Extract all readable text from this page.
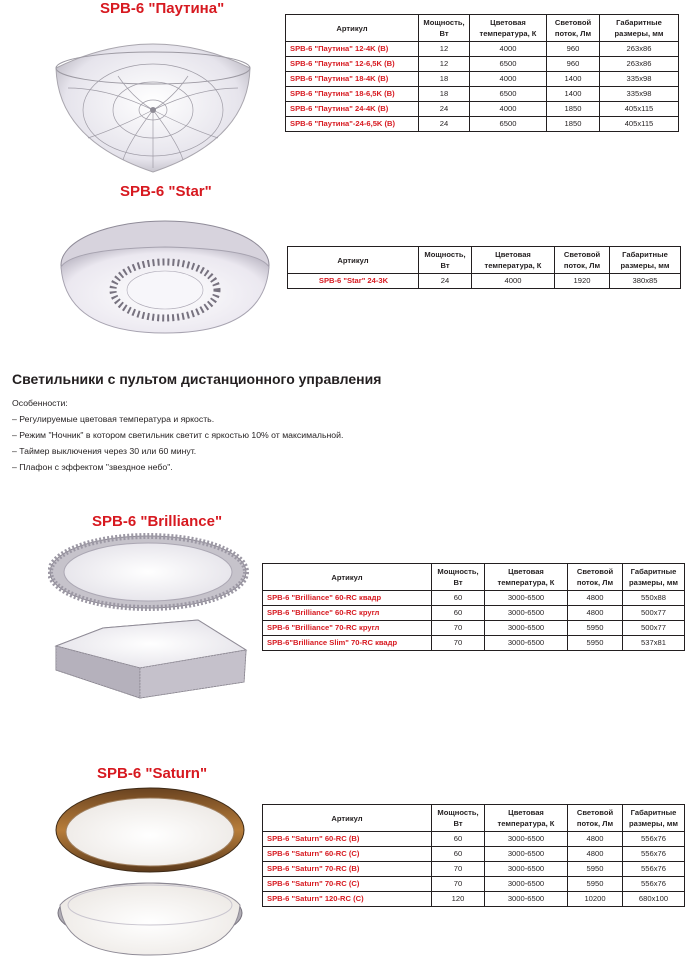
SPB-6 "Паутина"
Артикул	Мощность, Вт	Цветовая температура, К	Световой поток, Лм	Габаритные размеры, мм
SPB-6 "Паутина" 12-4K (B)	12	4000	960	263x86
SPB-6 "Паутина" 12-6,5K (B)	12	6500	960	263x86
SPB-6 "Паутина" 18-4K (B)	18	4000	1400	335x98
SPB-6 "Паутина" 18-6,5K (B)	18	6500	1400	335x98
SPB-6 "Паутина" 24-4K (B)	24	4000	1850	405x115
SPB-6 "Паутина"-24-6,5K (B)	24	6500	1850	405x115
SPB-6 "Star"
Артикул	Мощность, Вт	Цветовая температура, К	Световой поток, Лм	Габаритные размеры, мм
SPB-6 "Star" 24-3K	24	4000	1920	380x85
Светильники с пультом дистанционного управления
Особенности:
– Регулируемые цветовая температура и яркость.
– Режим "Ночник" в котором светильник светит с яркостью 10% от максимальной.
– Таймер выключения через 30 или 60 минут.
– Плафон с эффектом "звездное небо".
SPB-6 "Brilliance"
Артикул	Мощность, Вт	Цветовая температура, К	Световой поток, Лм	Габаритные размеры, мм
SPB-6 "Brilliance" 60-RC квадр	60	3000-6500	4800	550x88
SPB-6 "Brilliance" 60-RC кругл	60	3000-6500	4800	500x77
SPB-6 "Brilliance" 70-RC кругл	70	3000-6500	5950	500x77
SPB-6"Brilliance Slim" 70-RC квадр	70	3000-6500	5950	537x81
SPB-6 "Saturn"
Артикул	Мощность, Вт	Цветовая температура, К	Световой поток, Лм	Габаритные размеры, мм
SPB-6 "Saturn" 60-RC (B)	60	3000-6500	4800	556x76
SPB-6 "Saturn" 60-RC (C)	60	3000-6500	4800	556x76
SPB-6 "Saturn" 70-RC (B)	70	3000-6500	5950	556x76
SPB-6 "Saturn" 70-RC (C)	70	3000-6500	5950	556x76
SPB-6 "Saturn" 120-RC (C)	120	3000-6500	10200	680x100
